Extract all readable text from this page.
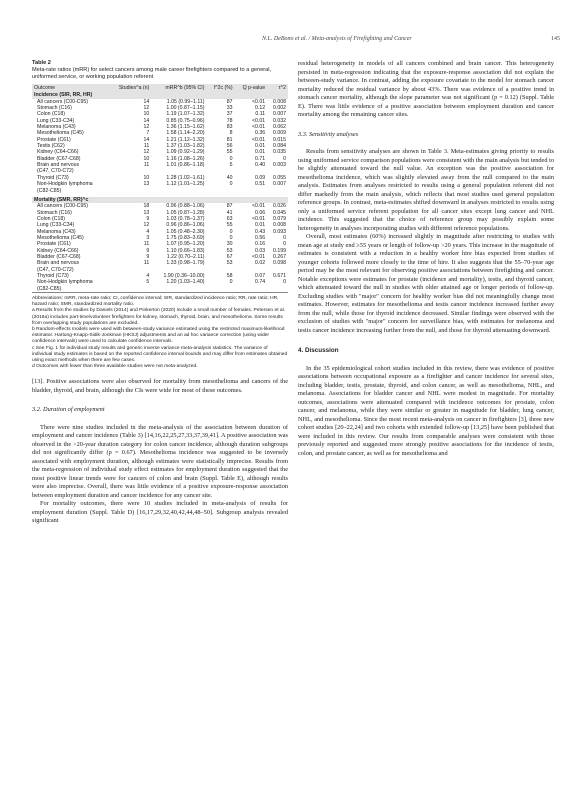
N.L. DeBono et al. / Meta-analysis of Firefighting and Cancer	145

Table 2

Meta-rate ratios (mRR) for select cancers among male career firefighters compared to a general, uniformed service, or working population referent

Outcome	Studies^a (n)	mRR^b (95% CI)	I^2c (%)	Q p-value	τ^2
Incidence (SIR, RR, HR)					
All cancers (C00-C95)	14	1.05 (0.99–1.11)	87	<0.01	0.008
Stomach (C16)	12	1.00 (0.87–1.15)	33	0.12	0.002
Colon (C18)	10	1.19 (1.07–1.32)	37	0.11	0.007
Lung (C33-C34)	14	0.85 (0.75–0.96)	78	<0.01	0.032
Melanoma (C43)	12	1.36 (1.15–1.62)	83	<0.01	0.062
Mesothelioma (C45)	7	1.58 (1.14–2.20)	8	0.36	0.009
Prostate (C61)	14	1.21 (1.12–1.32)	81	<0.01	0.015
Testis (C62)	11	1.37 (1.03–1.82)	56	0.01	0.084
Kidney (C64-C66)	12	1.09 (0.92–1.29)	55	0.01	0.035
Bladder (C67-C68)	10	1.16 (1.08–1.26)	0	0.71	0
Brain and nervous	11	1.01 (0.86–1.18)	5	0.40	0.003
(C47, C70-C72)					
Thyroid (C73)	10	1.28 (1.02–1.61)	40	0.09	0.055
Non-Hodgkin lymphoma	13	1.12 (1.01–1.25)	0	0.51	0.007
(C82-C85)					

Mortality (SMR, RR)^c					
All cancers (C00-C95)	18	0.96 (0.88–1.06)	87	<0.01	0.026
Stomach (C16)	13	1.05 (0.87–1.28)	41	0.06	0.045
Colon (C18)	9	1.03 (0.78–1.37)	63	<0.01	0.079
Lung (C33-C34)	12	0.96 (0.86–1.06)	55	0.01	0.008
Melanoma (C43)	4	1.05 (0.48–2.30)	0	0.43	0.093
Mesothelioma (C45)	3	1.75 (0.83–3.69)	0	0.56	0
Prostate (C61)	11	1.07 (0.95–1.20)	30	0.16	0
Kidney (C64-C66)	9	1.10 (0.66–1.83)	53	0.03	0.199
Bladder (C67-C68)	9	1.22 (0.70–2.11)	67	<0.01	0.267
Brain and nervous	11	1.33 (0.98–1.79)	53	0.02	0.098
(C47, C70-C72)					
Thyroid (C73)	4	1.90 (0.36–10.00)	58	0.07	0.671
Non-Hodgkin lymphoma	5	1.20 (1.03–1.40)	0	0.74	0
(C82-C85)					

Abbreviations: mRR, meta-rate ratio; CI, confidence interval; SIR, standardized incidence ratio; RR, rate ratio; HR, hazard ratio; SMR, standardized mortality ratio.

a Results from the studies by Daniels (2014) and Pinkerton (2020) include a small number of females. Petersen et al. (2018a) includes part-time/volunteer firefighters for kidney, stomach, thyroid, brain, and mesothelioma. Some results from overlapping study populations are excluded.

b Random-effects models were used with between-study variance estimated using the restricted maximum-likelihood estimator. Hartung-Knapp-Sidik-Jonkman (HKSJ) adjustments and an ad hoc variance correction (using wider confidence intervals) were used to calculate confidence intervals.

c See Fig. 1 for individual study results and generic inverse variance meta-analysis statistics. The variance of individual study estimates is based on the reported confidence interval bounds and may differ from estimates obtained using exact methods when there are few cases.

d Outcomes with fewer than three available studies were not meta-analyzed.

[13]. Positive associations were also observed for mortality from mesothelioma and cancers of the bladder, thyroid, and brain, although the CIs were wide for most of these outcomes.

3.2. Duration of employment

There were nine studies included in the meta-analysis of the association between duration of employment and cancer incidence (Table 3) [14,16,22,25,27,33,37,39,41]. A positive association was observed in the >20-year duration category for colon cancer incidence, although duration subgroups did not significantly differ (p = 0.67). Mesothelioma incidence was suggested to be inversely associated with employment duration, although estimates were statistically imprecise. Results from the meta-regression of individual study effect estimates for employment duration suggested that the most positive linear trends were for cancers of colon and brain (Suppl. Table E), although results were also imprecise. Overall, there was little evidence of a positive exposure-response association between employment duration and cancer incidence for any cancer site.

For mortality outcomes, there were 10 studies included in meta-analysis of results for employment duration (Suppl. Table D) [16,17,29,32,40,42,44,48–50]. Subgroup analysis revealed significant

residual heterogeneity in models of all cancers combined and brain cancer. This heterogeneity persisted in meta-regression indicating that the exposure-response association did not explain the between-study variance. In contrast, adding the exposure covariate to the model for stomach cancer mortality reduced the residual variance by about 43%. There was evidence of a positive trend in stomach cancer mortality, although the slope parameter was not significant (p = 0.12) (Suppl. Table E). There was little evidence of a positive association between employment duration and cancer mortality among the remaining cancer sites.

3.3. Sensitivity analyses

Results from sensitivity analyses are shown in Table 3. Meta-estimates giving priority to results using uniformed service comparison populations were consistent with the main analysis but tended to be slightly attenuated toward the null value. An exception was the positive association for mesothelioma incidence, which was slightly elevated away from the null compared to the main analysis. Estimates from analyses restricted to results using a general population referent did not differ markedly from the main analysis, which reflects that most studies used general population reference groups. In contrast, meta-estimates shifted downward in analyses restricted to results using only a uniformed service referent population for all cancer sites except lung cancer and NHL incidence. This suggested that the choice of reference group may possibly explain some heterogeneity in analyses incorporating studies with different reference populations.

Overall, most estimates (60%) increased slightly in magnitude after restricting to studies with mean age at study end ≥55 years or length of follow-up >20 years. This increase in the magnitude of estimates is consistent with a reduction in a healthy worker hire bias expected from studies of younger cohorts followed more closely to the time of hire. It also suggests that the 55–70-year age period may be the most relevant for observing positive associations between firefighting and cancer. Notable exceptions were estimates for prostate (incidence and mortality), testis, and thyroid cancer, which attenuated toward the null in studies with older attained age or longer periods of follow-up. Excluding studies with "major" concern for healthy worker bias did not meaningfully change most estimates. However, estimates for mesothelioma and testis cancer incidence increased further away from the null, while those for thyroid incidence decreased. Similar findings were observed with the exclusion of studies with "major" concern for surveillance bias, with estimates for melanoma and testis cancer incidence increasing further from the null, and those for thyroid attenuating downward.

4. Discussion

In the 35 epidemiological cohort studies included in this review, there was evidence of positive associations between occupational exposure as a firefighter and cancer incidence for several sites, including bladder, testis, prostate, thyroid, and colon cancer, as well as mesothelioma, NHL, and melanoma. Associations for bladder cancer and NHL were modest in magnitude. For mortality outcomes, associations were attenuated compared with incidence outcomes for prostate, colon cancer, and melanoma, while they were similar or greater in magnitude for bladder, lung cancer, NHL, and mesothelioma. Since the most recent meta-analysis on cancer in firefighters [3], three new cohort studies [20–22,24] and two cohorts with extended follow-up [13,25] have been published that were included in this review. Our results from comparable analyses were consistent with those previously reported and suggested more strongly positive associations for the incidence of testis, colon, and prostate cancer, as well as for mesothelioma and
